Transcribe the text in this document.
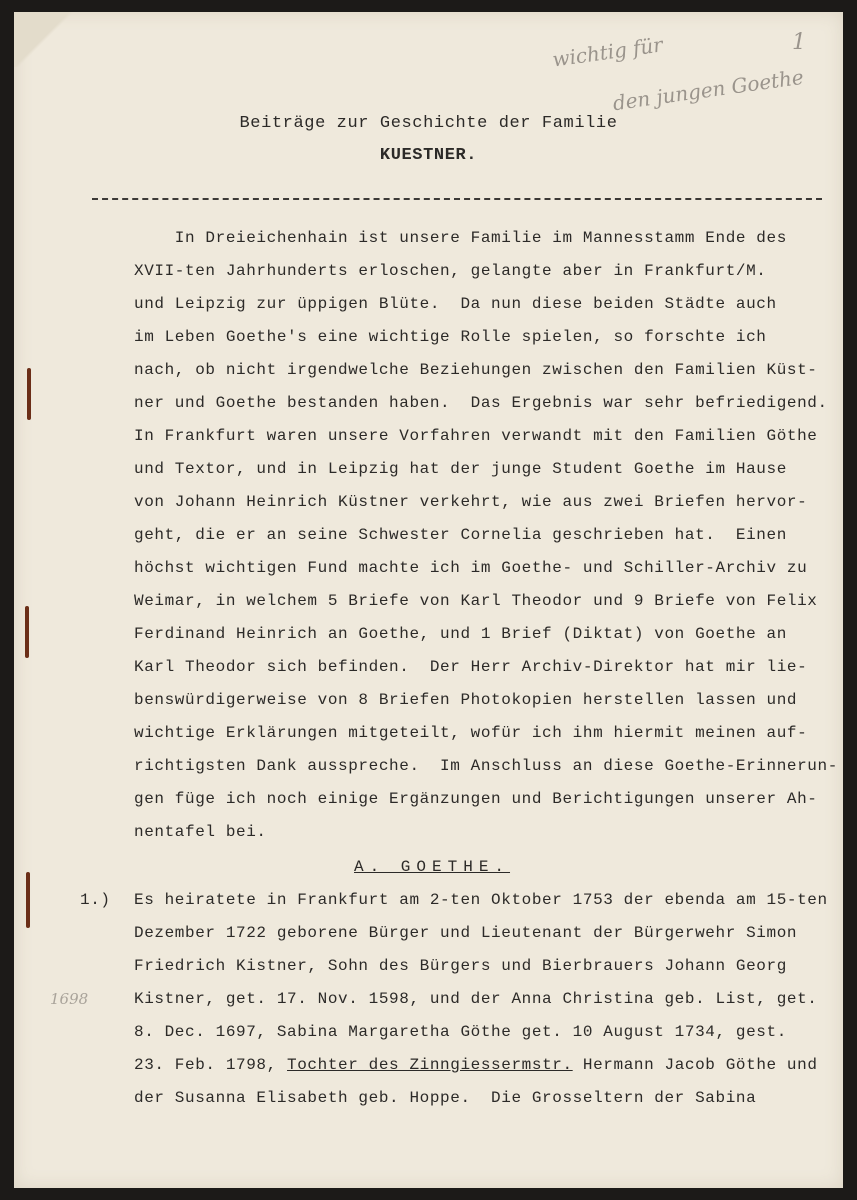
wichtig für
den jungen Goethe
1
1698
Beiträge zur Geschichte der Familie
KUESTNER.
In Dreieichenhain ist unsere Familie im Mannesstamm Ende des
XVII-ten Jahrhunderts erloschen, gelangte aber in Frankfurt/M.
und Leipzig zur üppigen Blüte.  Da nun diese beiden Städte auch
im Leben Goethe's eine wichtige Rolle spielen, so forschte ich
nach, ob nicht irgendwelche Beziehungen zwischen den Familien Küst-
ner und Goethe bestanden haben.  Das Ergebnis war sehr befriedigend.
In Frankfurt waren unsere Vorfahren verwandt mit den Familien Göthe
und Textor, und in Leipzig hat der junge Student Goethe im Hause
von Johann Heinrich Küstner verkehrt, wie aus zwei Briefen hervor-
geht, die er an seine Schwester Cornelia geschrieben hat.  Einen
höchst wichtigen Fund machte ich im Goethe- und Schiller-Archiv zu
Weimar, in welchem 5 Briefe von Karl Theodor und 9 Briefe von Felix
Ferdinand Heinrich an Goethe, und 1 Brief (Diktat) von Goethe an
Karl Theodor sich befinden.  Der Herr Archiv-Direktor hat mir lie-
benswürdigerweise von 8 Briefen Photokopien herstellen lassen und
wichtige Erklärungen mitgeteilt, wofür ich ihm hiermit meinen auf-
richtigsten Dank ausspreche.  Im Anschluss an diese Goethe-Erinnerun-
gen füge ich noch einige Ergänzungen und Berichtigungen unserer Ah-
nentafel bei.
A. GOETHE.
1.) Es heiratete in Frankfurt am 2-ten Oktober 1753 der ebenda am 15-ten
Dezember 1722 geborene Bürger und Lieutenant der Bürgerwehr Simon
Friedrich Kistner, Sohn des Bürgers und Bierbrauers Johann Georg
Kistner, get. 17. Nov. 1598, und der Anna Christina geb. List, get.
8. Dec. 1697, Sabina Margaretha Göthe get. 10 August 1734, gest.
23. Feb. 1798, Tochter des Zinngiessermstr. Hermann Jacob Göthe und
der Susanna Elisabeth geb. Hoppe.  Die Grosseltern der Sabina
